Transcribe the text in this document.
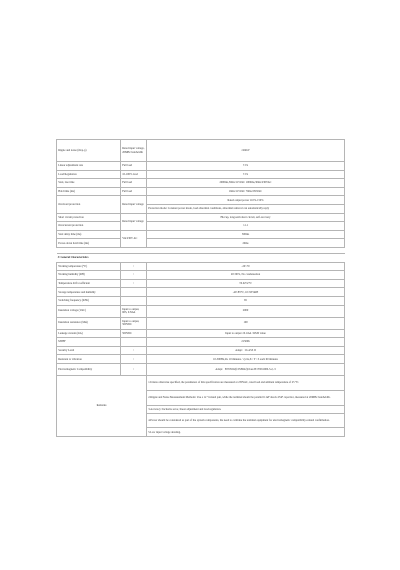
Ripple and noise (mvp-p)	Rated input voltage, 20MHz bandwidth	≤20mV
Linear adjustment rate	Full load	±1%
Load Regulation	10-100% load	±1%
Start, rise time	Full load	2000ms,30ms/115VAC 1000ms,30ms/230VAC
Hold time (ms)	Full load	16ms/115VAC 70ms/230VAC
Overload protection	Rated input voltage	Rated output power 110%-150%
		Protection mode: Constant power mode, load abnormal conditions, abnormal removal can automatically reply
Short circuit protection	Rated input voltage	Hiccup, long-term short circuit, self-recovery
Overcurrent protection		≥1.1
Start delay time (ms)	Vin:230V AC	300ms
Power-down hold time (ms)		20ms

3\ General Characteristics		
Working temperature (℃)	/	-20~70
Working humidity (RH)	/	20~90%, No condensation
Temperature drift coefficient	/	±0.02%/℃
Storage temperature and humidity		-40~85℃, 10~95%RH
Switching frequency (KHz)		65
Insulation voltage (VAC)	Input to output, 60S, 0.5mA	2000
Insulation resistance (MΩ)	Input to output, 500VDC	100
Leakage current (mA)	500VDC	Input to output ≤0.1mA / RMS value
MTBF		21500h
Security Level	/	Adapt：CLASS II
Resistant to vibration	/	10-500Hz,2G 10 minutes / cycle,X / Y / Z each 60 minutes
Electromagnetic Compatibility	/	Adapt：EN55022(CISPR22)Class B/ EN61000-3-2,-3
Remarks		1.Unless otherwise specified, the parameters of this specification are measured at 230VAC, rated load and ambient temperature of 25 ℃.
		2.Ripple and Noise Measurement Methods: Use a 12 "twisted pair, while the terminal should be parallel 0.1uF shock 47uF capacitor, measured at 20MHz bandwidth.
		3.Accuracy: Inclusive error, linear adjustment and load regulation.
		4.Power should be considered as part of the system components, the need to combine the terminal equipment for electromagnetic compatibility-related confirmation.
		5.Low input voltage derating.
